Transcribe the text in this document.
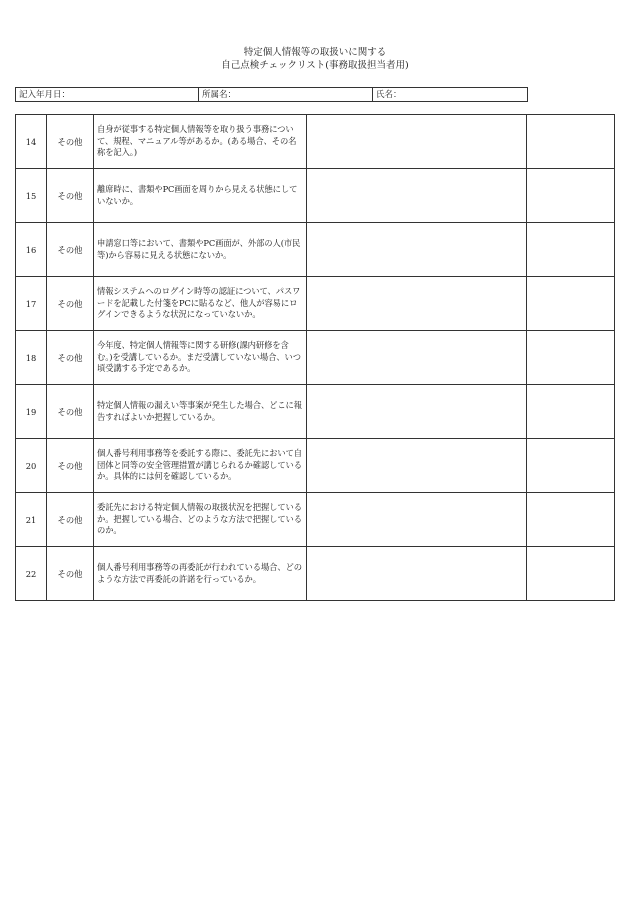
特定個人情報等の取扱いに関する
自己点検チェックリスト(事務取扱担当者用)
記入年月日：	所属名：	氏名：
14	その他	自身が従事する特定個人情報等を取り扱う事務について、規程、マニュアル等があるか。(ある場合、その名称を記入。)		
15	その他	離席時に、書類やPC画面を周りから見える状態にしていないか。		
16	その他	申請窓口等において、書類やPC画面が、外部の人(市民等)から容易に見える状態にないか。		
17	その他	情報システムへのログイン時等の認証について、パスワードを記載した付箋をPCに貼るなど、他人が容易にログインできるような状況になっていないか。		
18	その他	今年度、特定個人情報等に関する研修(課内研修を含む。)を受講しているか。まだ受講していない場合、いつ頃受講する予定であるか。		
19	その他	特定個人情報の漏えい等事案が発生した場合、どこに報告すればよいか把握しているか。		
20	その他	個人番号利用事務等を委託する際に、委託先において自団体と同等の安全管理措置が講じられるか確認しているか。具体的には何を確認しているか。		
21	その他	委託先における特定個人情報の取扱状況を把握しているか。把握している場合、どのような方法で把握しているのか。		
22	その他	個人番号利用事務等の再委託が行われている場合、どのような方法で再委託の許諾を行っているか。		
